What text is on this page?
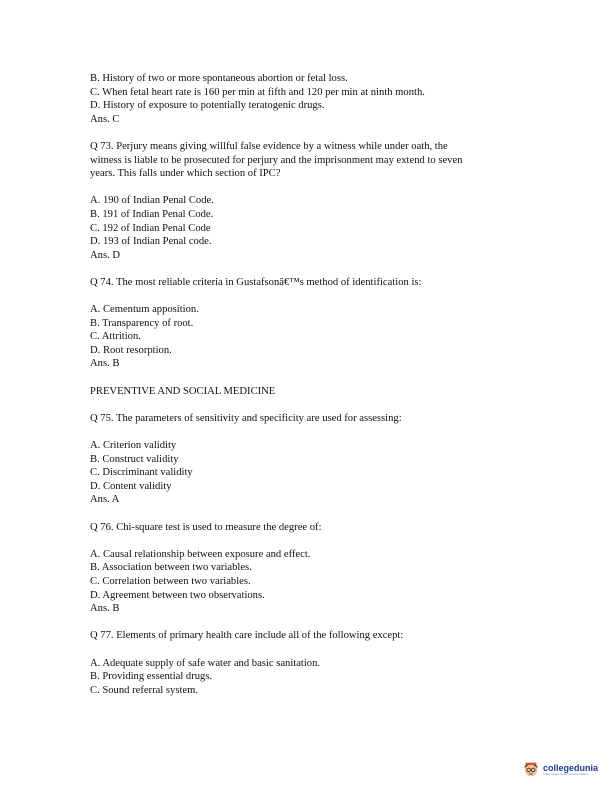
B. History of two or more spontaneous abortion or fetal loss.
C. When fetal heart rate is 160 per min at fifth and 120 per min at ninth month.
D. History of exposure to potentially teratogenic drugs.
Ans. C
Q 73. Perjury means giving willful false evidence by a witness while under oath, the
witness is liable to be prosecuted for perjury and the imprisonment may extend to seven
years. This falls under which section of IPC?
A. 190 of Indian Penal Code.
B. 191 of Indian Penal Code.
C. 192 of Indian Penal Code
D. 193 of Indian Penal code.
Ans. D
Q 74. The most reliable criteria in Gustafsonâ€™s method of identification is:
A. Cementum apposition.
B. Transparency of root.
C. Attrition.
D. Root resorption.
Ans. B
PREVENTIVE AND SOCIAL MEDICINE
Q 75. The parameters of sensitivity and specificity are used for assessing:
A. Criterion validity
B. Construct validity
C. Discriminant validity
D. Content validity
Ans. A
Q 76. Chi-square test is used to measure the degree of:
A. Causal relationship between exposure and effect.
B. Association between two variables.
C. Correlation between two variables.
D. Agreement between two observations.
Ans. B
Q 77. Elements of primary health care include all of the following except:
A. Adequate supply of safe water and basic sanitation.
B. Providing essential drugs.
C. Sound referral system.
collegedunia
India's largest Student Review Platform
